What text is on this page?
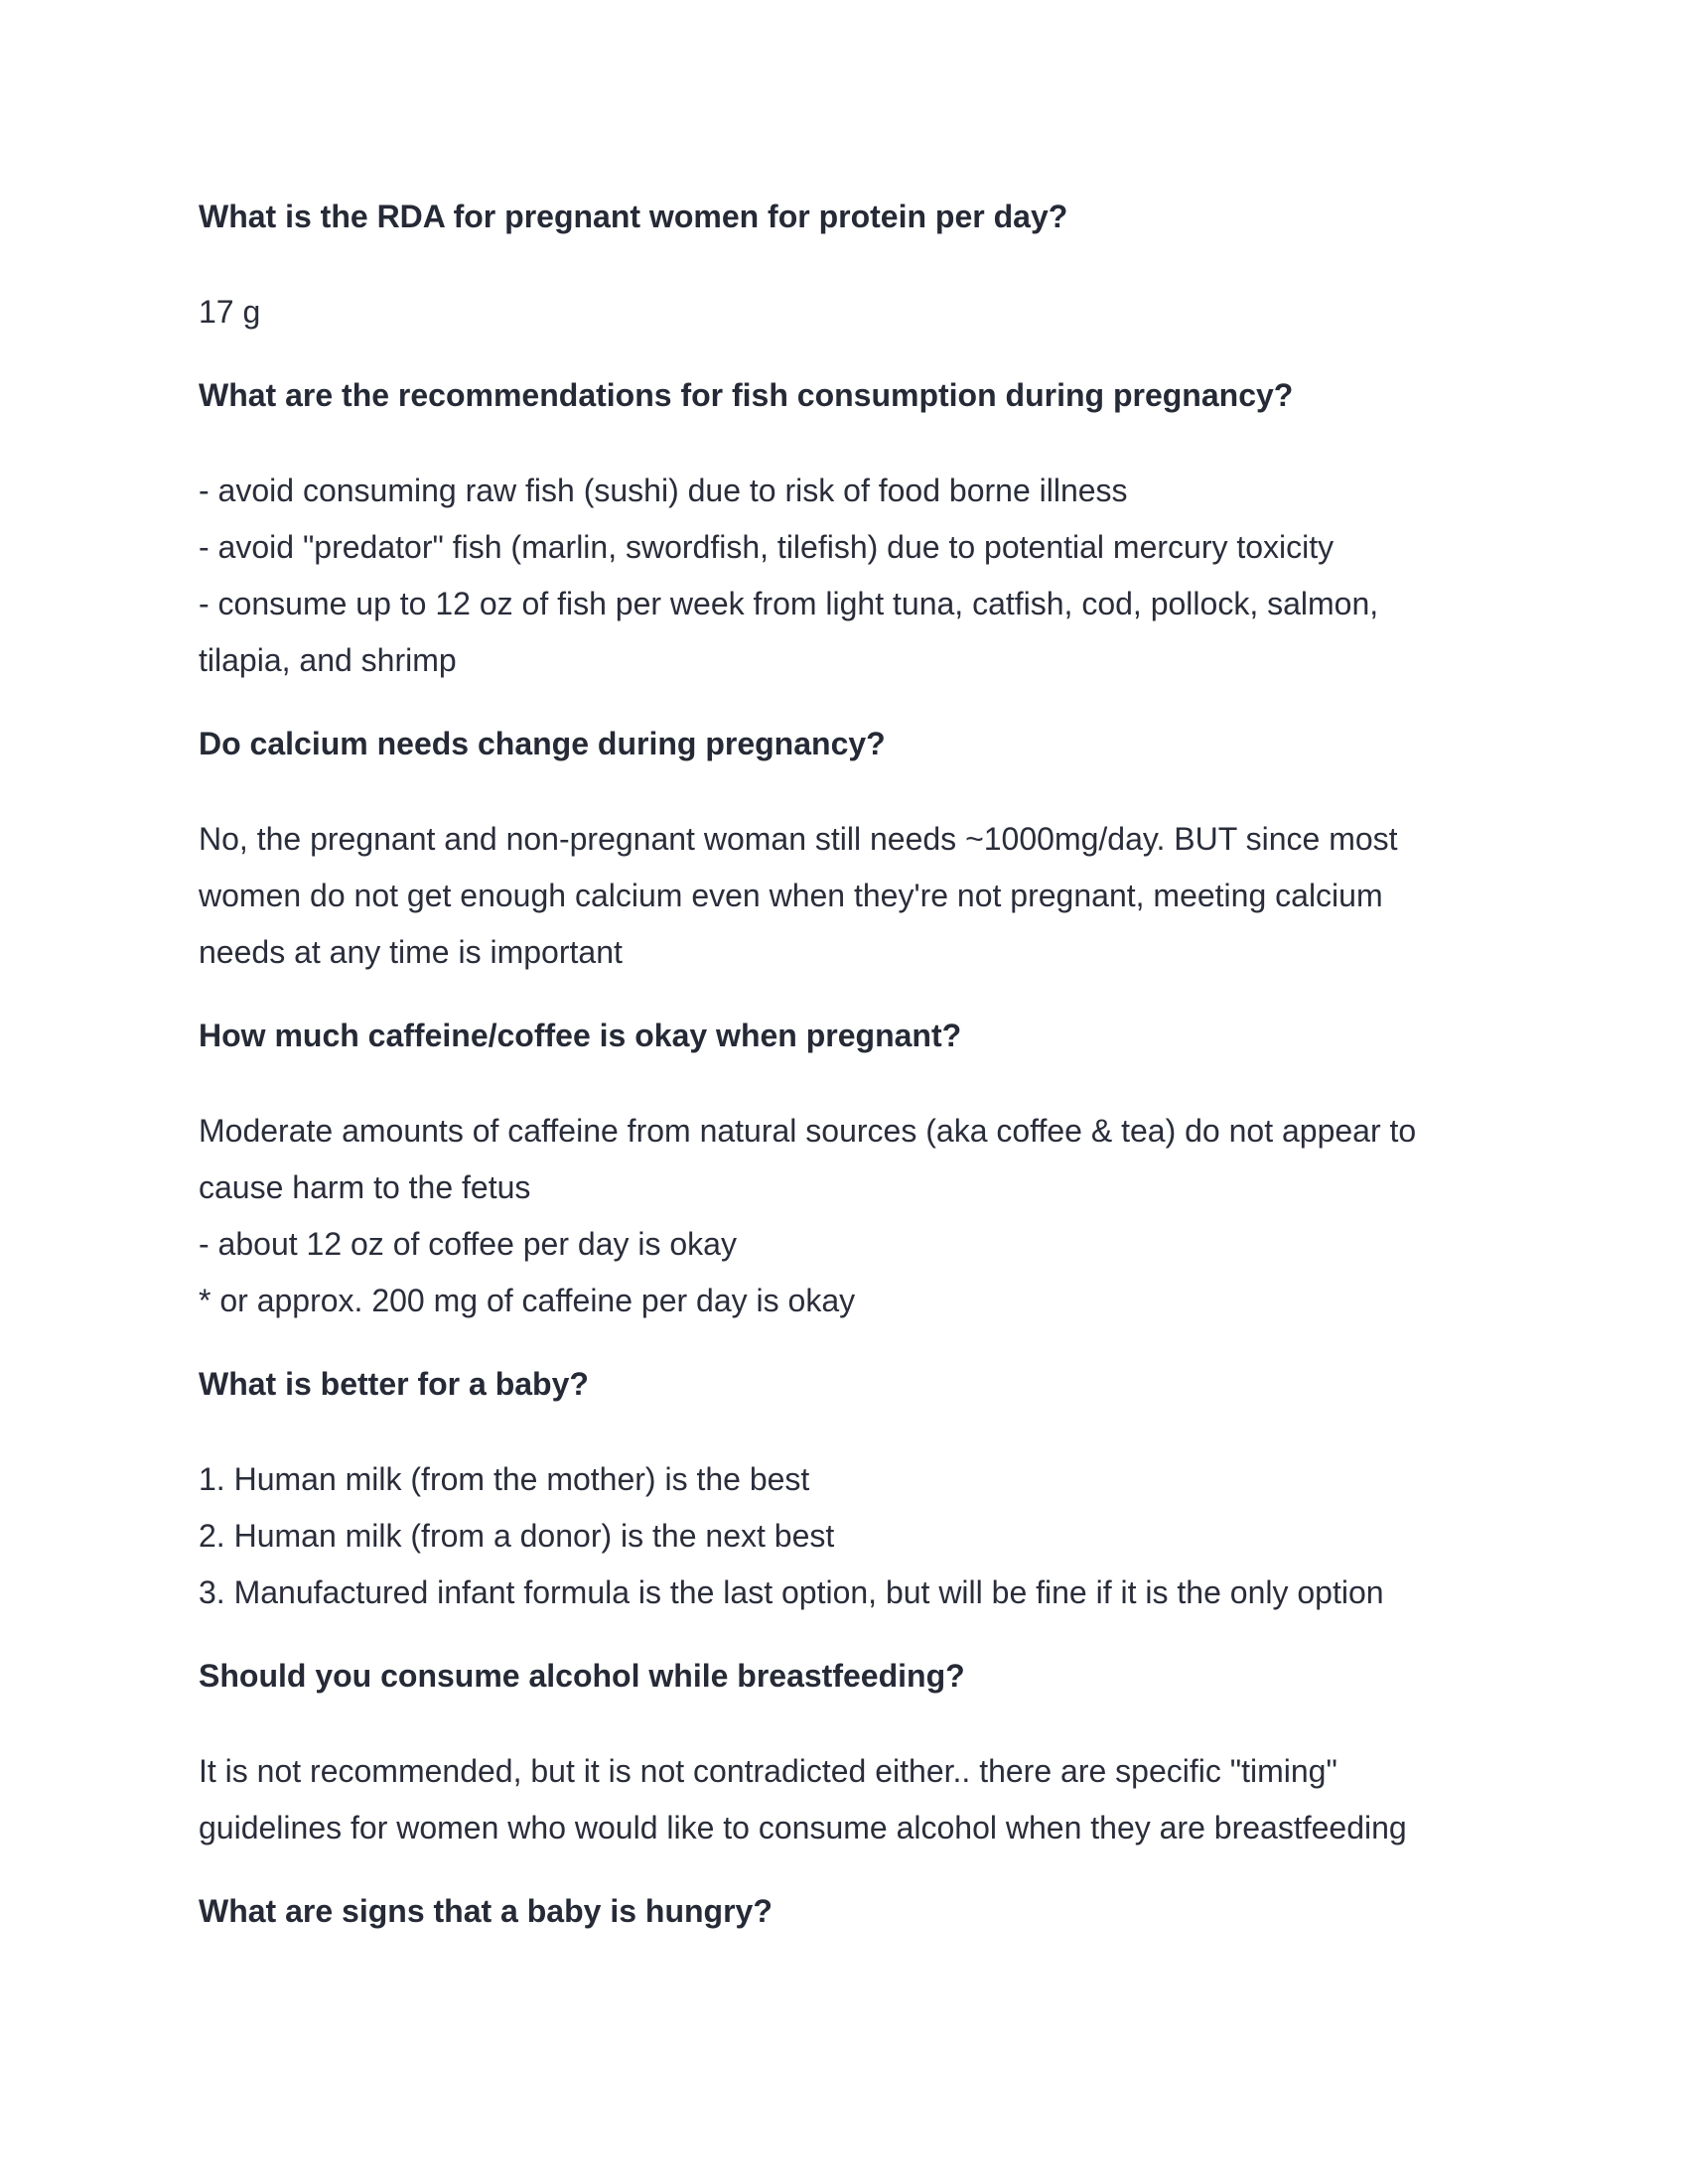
What is the RDA for pregnant women for protein per day?

17 g

What are the recommendations for fish consumption during pregnancy?

- avoid consuming raw fish (sushi) due to risk of food borne illness
- avoid "predator" fish (marlin, swordfish, tilefish) due to potential mercury toxicity
- consume up to 12 oz of fish per week from light tuna, catfish, cod, pollock, salmon,
tilapia, and shrimp

Do calcium needs change during pregnancy?

No, the pregnant and non-pregnant woman still needs ~1000mg/day. BUT since most
women do not get enough calcium even when they're not pregnant, meeting calcium
needs at any time is important

How much caffeine/coffee is okay when pregnant?

Moderate amounts of caffeine from natural sources (aka coffee & tea) do not appear to
cause harm to the fetus
- about 12 oz of coffee per day is okay
* or approx. 200 mg of caffeine per day is okay

What is better for a baby?

1. Human milk (from the mother) is the best
2. Human milk (from a donor) is the next best
3. Manufactured infant formula is the last option, but will be fine if it is the only option

Should you consume alcohol while breastfeeding?

It is not recommended, but it is not contradicted either.. there are specific "timing"
guidelines for women who would like to consume alcohol when they are breastfeeding

What are signs that a baby is hungry?
